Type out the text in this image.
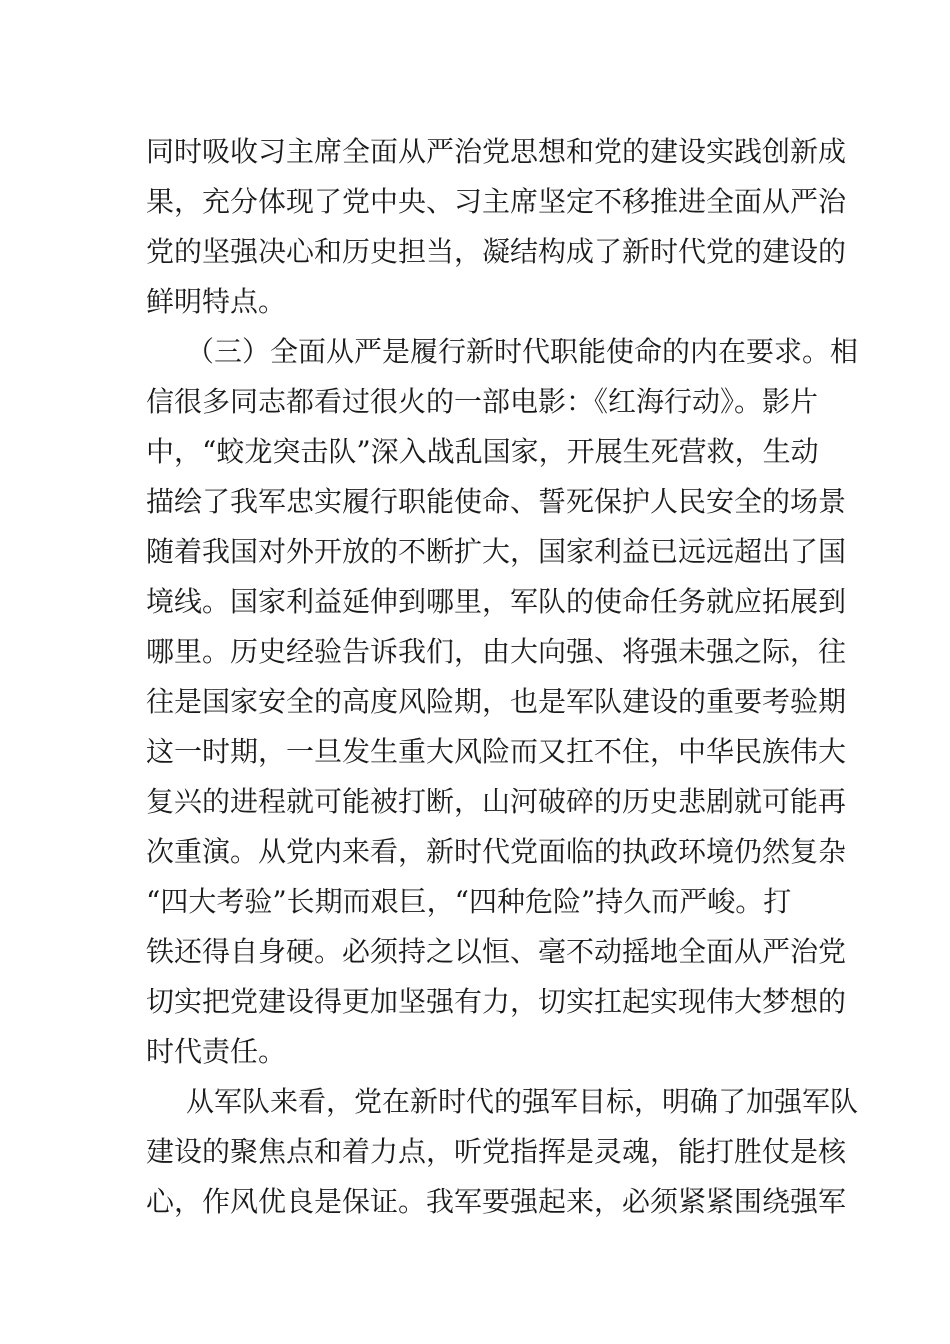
同时吸收习主席全面从严治党思想和党的建设实践创新成
果，充分体现了党中央、习主席坚定不移推进全面从严治
党的坚强决心和历史担当，凝结构成了新时代党的建设的
鲜明特点。
（三）全面从严是履行新时代职能使命的内在要求。相
信很多同志都看过很火的一部电影：《红海行动》。影片
中，“蛟龙突击队”深入战乱国家，开展生死营救，生动
描绘了我军忠实履行职能使命、誓死保护人民安全的场景
随着我国对外开放的不断扩大，国家利益已远远超出了国
境线。国家利益延伸到哪里，军队的使命任务就应拓展到
哪里。历史经验告诉我们，由大向强、将强未强之际，往
往是国家安全的高度风险期，也是军队建设的重要考验期
这一时期，一旦发生重大风险而又扛不住，中华民族伟大
复兴的进程就可能被打断，山河破碎的历史悲剧就可能再
次重演。从党内来看，新时代党面临的执政环境仍然复杂
“四大考验”长期而艰巨，“四种危险”持久而严峻。打
铁还得自身硬。必须持之以恒、毫不动摇地全面从严治党
切实把党建设得更加坚强有力，切实扛起实现伟大梦想的
时代责任。
从军队来看，党在新时代的强军目标，明确了加强军队
建设的聚焦点和着力点，听党指挥是灵魂，能打胜仗是核
心，作风优良是保证。我军要强起来，必须紧紧围绕强军
